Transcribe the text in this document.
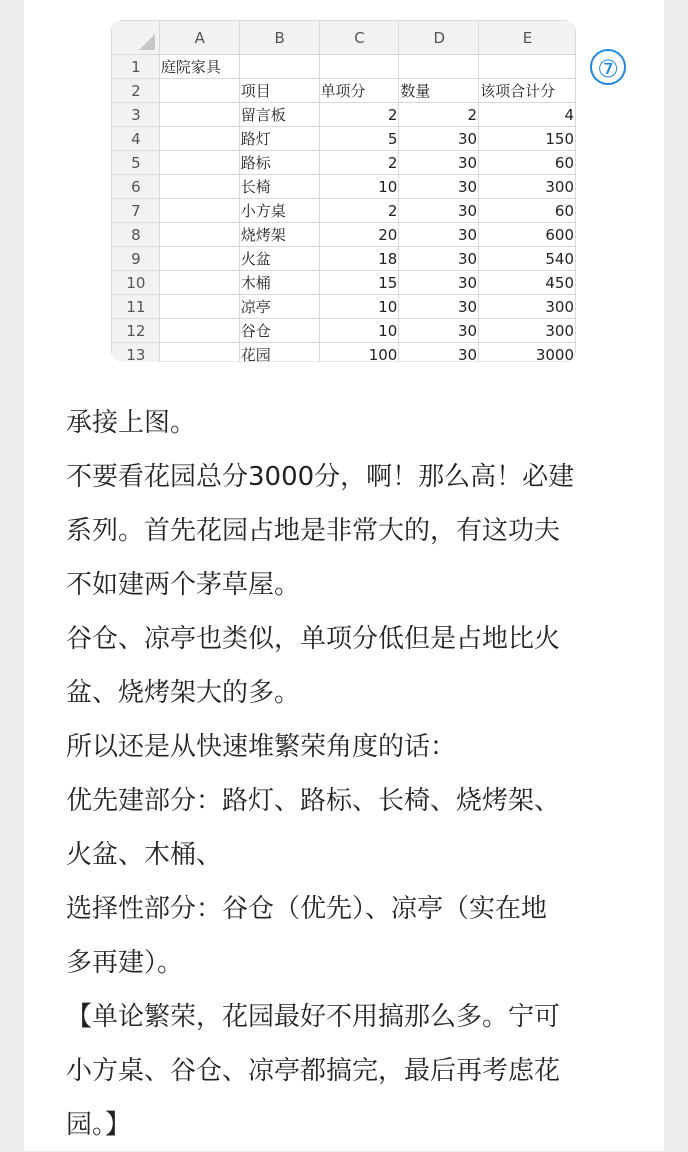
	A	B	C	D	E
1	庭院家具				
2		项目	单项分	数量	该项合计分
3		留言板	2	2	4
4		路灯	5	30	150
5		路标	2	30	60
6		长椅	10	30	300
7		小方桌	2	30	60
8		烧烤架	20	30	600
9		火盆	18	30	540
10		木桶	15	30	450
11		凉亭	10	30	300
12		谷仓	10	30	300
13		花园	100	30	3000
⑦

承接上图。

不要看花园总分3000分，啊！那么高！必建

系列。首先花园占地是非常大的，有这功夫

不如建两个茅草屋。

谷仓、凉亭也类似，单项分低但是占地比火

盆、烧烤架大的多。

所以还是从快速堆繁荣角度的话：

优先建部分：路灯、路标、长椅、烧烤架、

火盆、木桶、

选择性部分：谷仓（优先）、凉亭（实在地

多再建）。

【单论繁荣，花园最好不用搞那么多。宁可

小方桌、谷仓、凉亭都搞完，最后再考虑花

园。】
